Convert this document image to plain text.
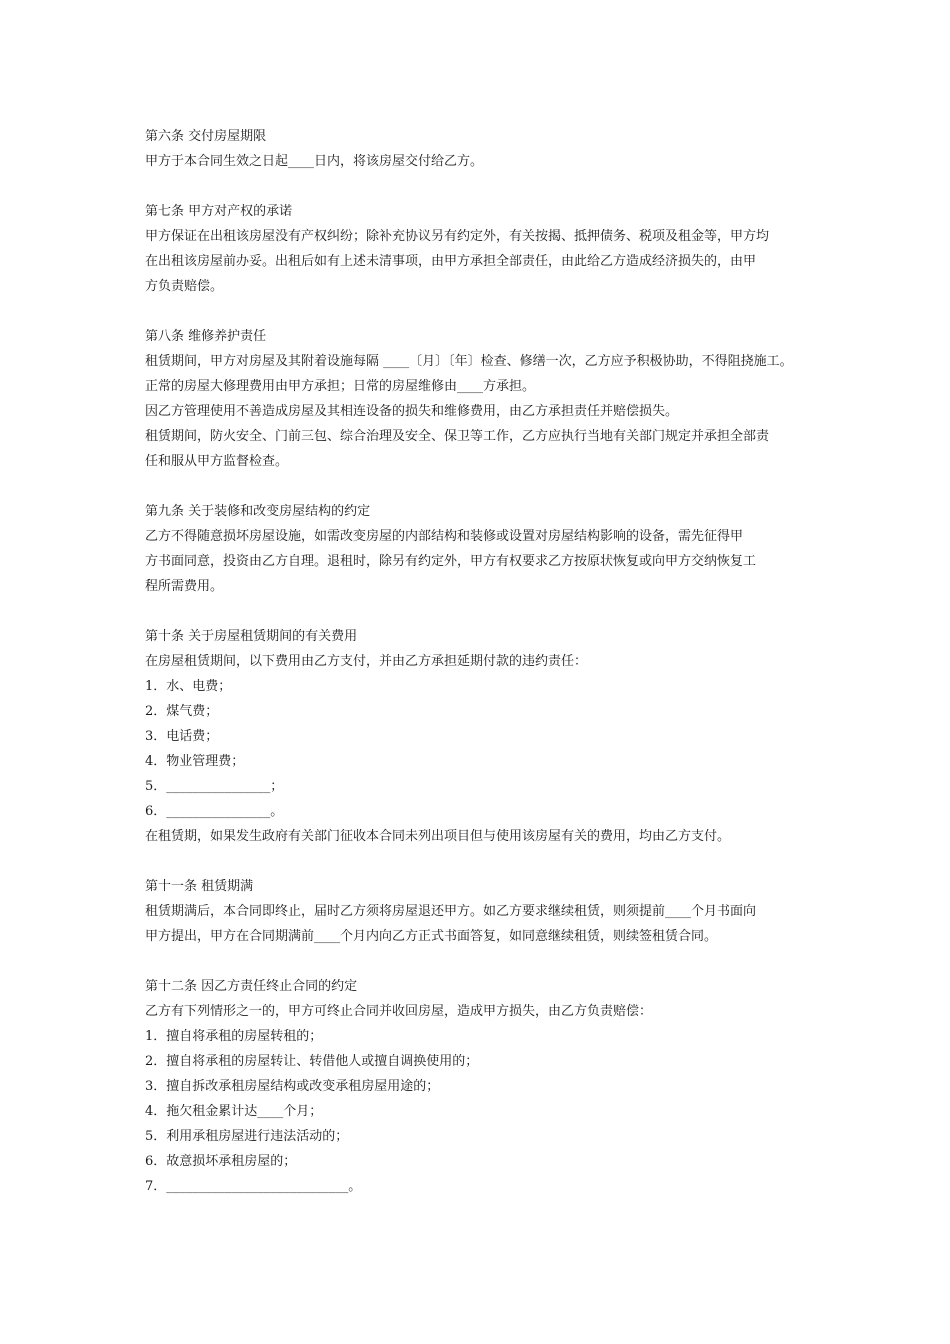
第六条 交付房屋期限
甲方于本合同生效之日起____日内，将该房屋交付给乙方。
第七条 甲方对产权的承诺
甲方保证在出租该房屋没有产权纠纷；除补充协议另有约定外，有关按揭、抵押债务、税项及租金等，甲方均
在出租该房屋前办妥。出租后如有上述未清事项，由甲方承担全部责任，由此给乙方造成经济损失的，由甲
方负责赔偿。
第八条 维修养护责任
租赁期间，甲方对房屋及其附着设施每隔 ____〔月〕〔年〕检查、修缮一次，乙方应予积极协助，不得阻挠施工。
正常的房屋大修理费用由甲方承担；日常的房屋维修由____方承担。
因乙方管理使用不善造成房屋及其相连设备的损失和维修费用，由乙方承担责任并赔偿损失。
租赁期间，防火安全、门前三包、综合治理及安全、保卫等工作，乙方应执行当地有关部门规定并承担全部责
任和服从甲方监督检查。
第九条 关于装修和改变房屋结构的约定
乙方不得随意损坏房屋设施，如需改变房屋的内部结构和装修或设置对房屋结构影响的设备，需先征得甲
方书面同意，投资由乙方自理。退租时，除另有约定外，甲方有权要求乙方按原状恢复或向甲方交纳恢复工
程所需费用。
第十条 关于房屋租赁期间的有关费用
在房屋租赁期间，以下费用由乙方支付，并由乙方承担延期付款的违约责任：
1．水、电费；
2．煤气费；
3．电话费；
4．物业管理费；
5．________________；
6．________________。
在租赁期，如果发生政府有关部门征收本合同未列出项目但与使用该房屋有关的费用，均由乙方支付。
第十一条 租赁期满
租赁期满后，本合同即终止，届时乙方须将房屋退还甲方。如乙方要求继续租赁，则须提前____个月书面向
甲方提出，甲方在合同期满前____个月内向乙方正式书面答复，如同意继续租赁，则续签租赁合同。
第十二条 因乙方责任终止合同的约定
乙方有下列情形之一的，甲方可终止合同并收回房屋，造成甲方损失，由乙方负责赔偿：
1．擅自将承租的房屋转租的；
2．擅自将承租的房屋转让、转借他人或擅自调换使用的；
3．擅自拆改承租房屋结构或改变承租房屋用途的；
4．拖欠租金累计达____个月；
5．利用承租房屋进行违法活动的；
6．故意损坏承租房屋的；
7．____________________________。
